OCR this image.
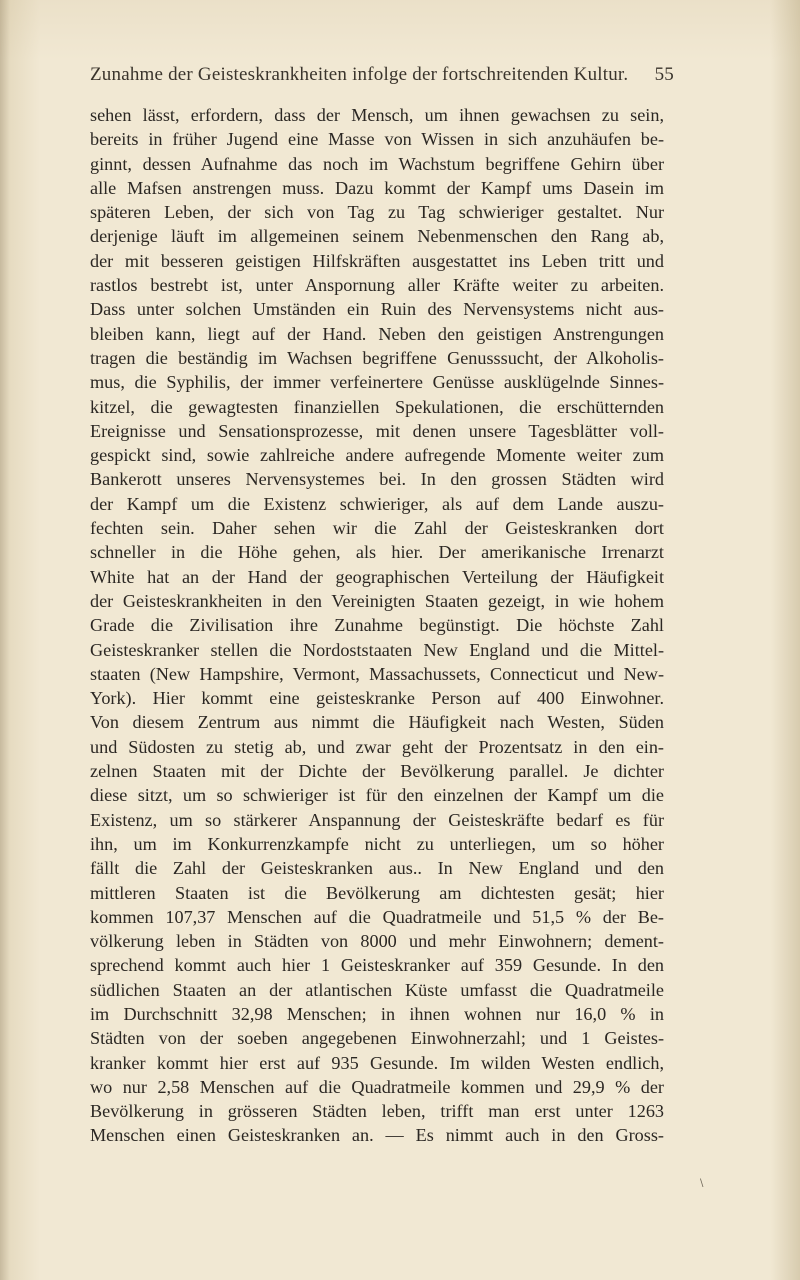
Zunahme der Geisteskrankheiten infolge der fortschreitenden Kultur. 55
sehen lässt, erfordern, dass der Mensch, um ihnen gewachsen zu sein,
bereits in früher Jugend eine Masse von Wissen in sich anzuhäufen be-
ginnt, dessen Aufnahme das noch im Wachstum begriffene Gehirn über
alle Mafsen anstrengen muss. Dazu kommt der Kampf ums Dasein im
späteren Leben, der sich von Tag zu Tag schwieriger gestaltet. Nur
derjenige läuft im allgemeinen seinem Nebenmenschen den Rang ab,
der mit besseren geistigen Hilfskräften ausgestattet ins Leben tritt und
rastlos bestrebt ist, unter Anspornung aller Kräfte weiter zu arbeiten.
Dass unter solchen Umständen ein Ruin des Nervensystems nicht aus-
bleiben kann, liegt auf der Hand. Neben den geistigen Anstrengungen
tragen die beständig im Wachsen begriffene Genusssucht, der Alkoholis-
mus, die Syphilis, der immer verfeinertere Genüsse ausklügelnde Sinnes-
kitzel, die gewagtesten finanziellen Spekulationen, die erschütternden
Ereignisse und Sensationsprozesse, mit denen unsere Tagesblätter voll-
gespickt sind, sowie zahlreiche andere aufregende Momente weiter zum
Bankerott unseres Nervensystemes bei. In den grossen Städten wird
der Kampf um die Existenz schwieriger, als auf dem Lande auszu-
fechten sein. Daher sehen wir die Zahl der Geisteskranken dort
schneller in die Höhe gehen, als hier. Der amerikanische Irrenarzt
White hat an der Hand der geographischen Verteilung der Häufigkeit
der Geisteskrankheiten in den Vereinigten Staaten gezeigt, in wie hohem
Grade die Zivilisation ihre Zunahme begünstigt. Die höchste Zahl
Geisteskranker stellen die Nordoststaaten New England und die Mittel-
staaten (New Hampshire, Vermont, Massachussets, Connecticut und New-
York). Hier kommt eine geisteskranke Person auf 400 Einwohner.
Von diesem Zentrum aus nimmt die Häufigkeit nach Westen, Süden
und Südosten zu stetig ab, und zwar geht der Prozentsatz in den ein-
zelnen Staaten mit der Dichte der Bevölkerung parallel. Je dichter
diese sitzt, um so schwieriger ist für den einzelnen der Kampf um die
Existenz, um so stärkerer Anspannung der Geisteskräfte bedarf es für
ihn, um im Konkurrenzkampfe nicht zu unterliegen, um so höher
fällt die Zahl der Geisteskranken aus.. In New England und den
mittleren Staaten ist die Bevölkerung am dichtesten gesät; hier
kommen 107,37 Menschen auf die Quadratmeile und 51,5 % der Be-
völkerung leben in Städten von 8000 und mehr Einwohnern; dement-
sprechend kommt auch hier 1 Geisteskranker auf 359 Gesunde. In den
südlichen Staaten an der atlantischen Küste umfasst die Quadratmeile
im Durchschnitt 32,98 Menschen; in ihnen wohnen nur 16,0 % in
Städten von der soeben angegebenen Einwohnerzahl; und 1 Geistes-
kranker kommt hier erst auf 935 Gesunde. Im wilden Westen endlich,
wo nur 2,58 Menschen auf die Quadratmeile kommen und 29,9 % der
Bevölkerung in grösseren Städten leben, trifft man erst unter 1263
Menschen einen Geisteskranken an. — Es nimmt auch in den Gross-
\
